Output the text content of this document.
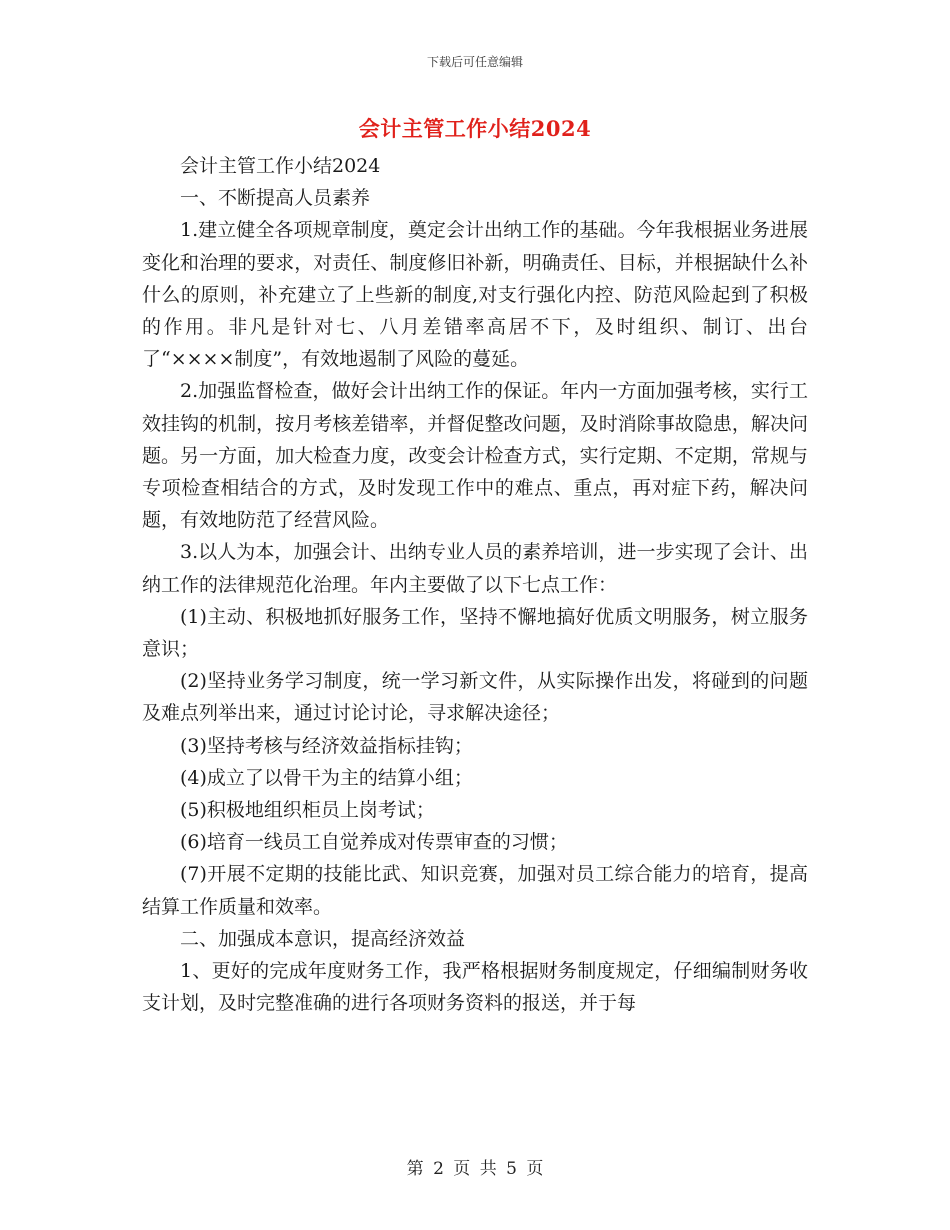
下载后可任意编辑
会计主管工作小结2024

会计主管工作小结2024

一、不断提高人员素养

1.建立健全各项规章制度，奠定会计出纳工作的基础。今年我根据业务进展变化和治理的要求，对责任、制度修旧补新，明确责任、目标，并根据缺什么补什么的原则，补充建立了上些新的制度,对支行强化内控、防范风险起到了积极的作用。非凡是针对七、八月差错率高居不下，及时组织、制订、出台了“××××制度”，有效地遏制了风险的蔓延。

2.加强监督检查，做好会计出纳工作的保证。年内一方面加强考核，实行工效挂钩的机制，按月考核差错率，并督促整改问题，及时消除事故隐患，解决问题。另一方面，加大检查力度，改变会计检查方式，实行定期、不定期，常规与专项检查相结合的方式，及时发现工作中的难点、重点，再对症下药，解决问题，有效地防范了经营风险。

3.以人为本，加强会计、出纳专业人员的素养培训，进一步实现了会计、出纳工作的法律规范化治理。年内主要做了以下七点工作：

(1)主动、积极地抓好服务工作，坚持不懈地搞好优质文明服务，树立服务意识；

(2)坚持业务学习制度，统一学习新文件，从实际操作出发，将碰到的问题及难点列举出来，通过讨论讨论，寻求解决途径；

(3)坚持考核与经济效益指标挂钩；

(4)成立了以骨干为主的结算小组；

(5)积极地组织柜员上岗考试；

(6)培育一线员工自觉养成对传票审查的习惯；

(7)开展不定期的技能比武、知识竞赛，加强对员工综合能力的培育，提高结算工作质量和效率。

二、加强成本意识，提高经济效益

1、更好的完成年度财务工作，我严格根据财务制度规定，仔细编制财务收支计划，及时完整准确的进行各项财务资料的报送，并于每

第 2 页 共 5 页
